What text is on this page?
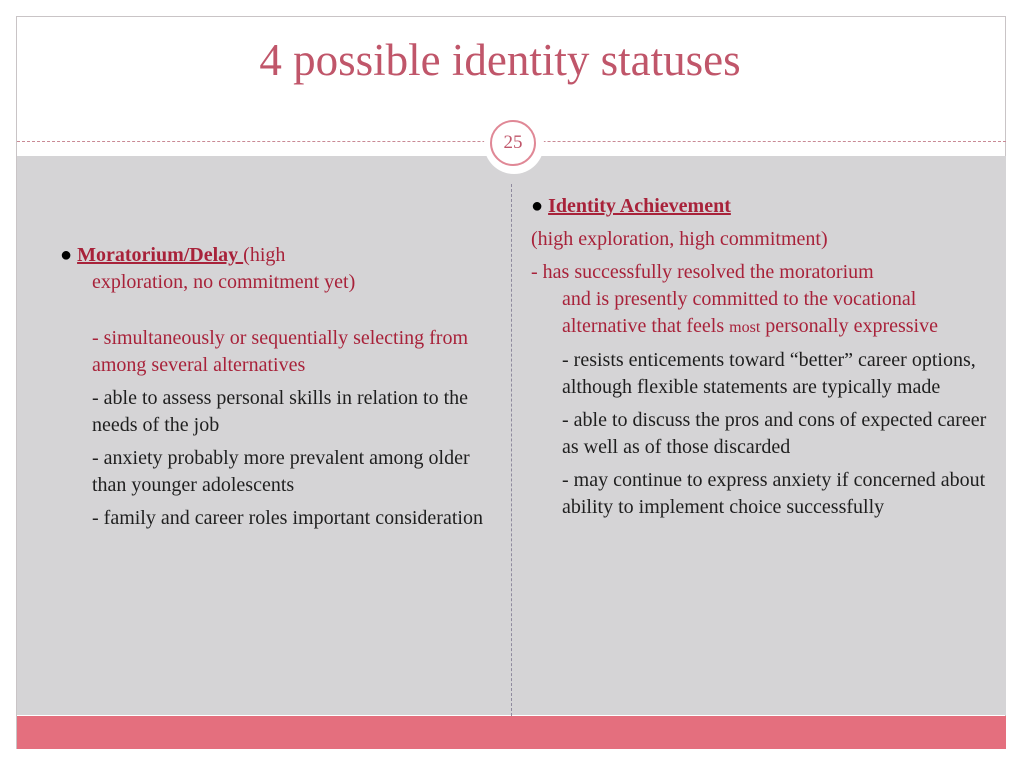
4 possible identity statuses
25

● Moratorium/Delay (high

exploration, no commitment yet)

- simultaneously or sequentially selecting from among several alternatives

- able to assess personal skills in relation to the needs of the job

- anxiety probably more prevalent among older than younger adolescents

- family and career roles important consideration

● Identity Achievement

(high exploration, high commitment)

- has successfully resolved the moratorium

and is presently committed to the vocational alternative that feels most personally expressive

- resists enticements toward “better” career options, although flexible statements are typically made

- able to discuss the pros and cons of expected career as well as of those discarded

- may continue to express anxiety if concerned about ability to implement choice successfully
